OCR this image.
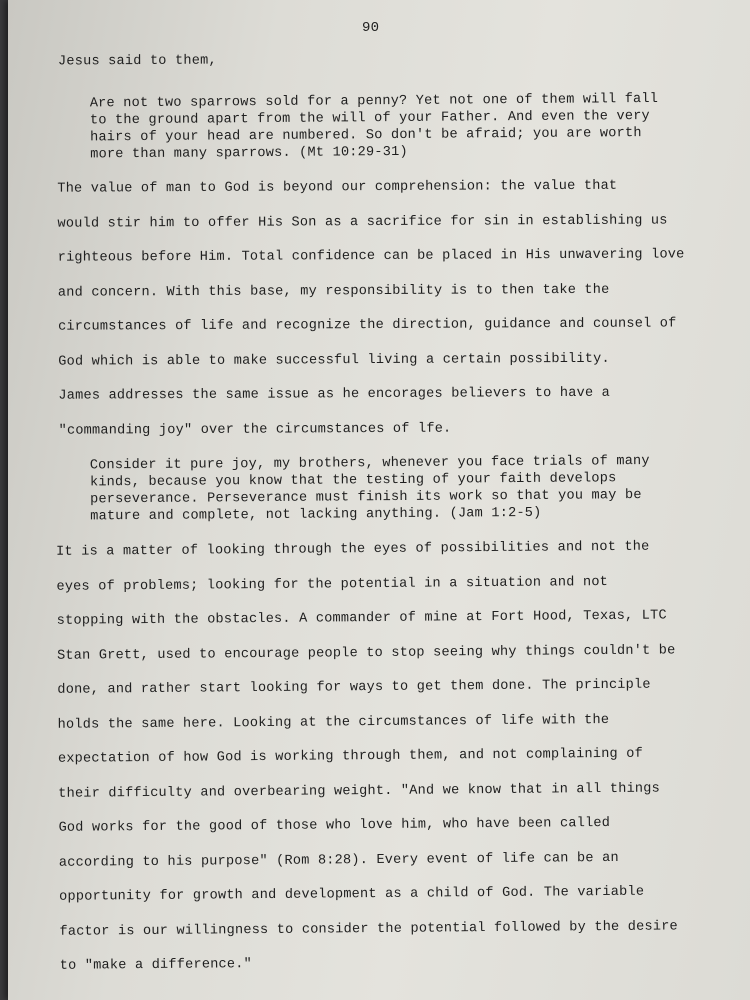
90
Jesus said to them,
Are not two sparrows sold for a penny? Yet not one of them will fall
to the ground apart from the will of your Father. And even the very
hairs of your head are numbered. So don't be afraid; you are worth
more than many sparrows. (Mt 10:29-31)
The value of man to God is beyond our comprehension: the value that
would stir him to offer His Son as a sacrifice for sin in establishing us
righteous before Him. Total confidence can be placed in His unwavering love
and concern. With this base, my responsibility is to then take the
circumstances of life and recognize the direction, guidance and counsel of
God which is able to make successful living a certain possibility.
James addresses the same issue as he encorages believers to have a
"commanding joy" over the circumstances of lfe.
Consider it pure joy, my brothers, whenever you face trials of many
kinds, because you know that the testing of your faith develops
perseverance. Perseverance must finish its work so that you may be
mature and complete, not lacking anything. (Jam 1:2-5)
It is a matter of looking through the eyes of possibilities and not the
eyes of problems; looking for the potential in a situation and not
stopping with the obstacles. A commander of mine at Fort Hood, Texas, LTC
Stan Grett, used to encourage people to stop seeing why things couldn't be
done, and rather start looking for ways to get them done. The principle
holds the same here. Looking at the circumstances of life with the
expectation of how God is working through them, and not complaining of
their difficulty and overbearing weight. "And we know that in all things
God works for the good of those who love him, who have been called
according to his purpose" (Rom 8:28). Every event of life can be an
opportunity for growth and development as a child of God. The variable
factor is our willingness to consider the potential followed by the desire
to "make a difference."
